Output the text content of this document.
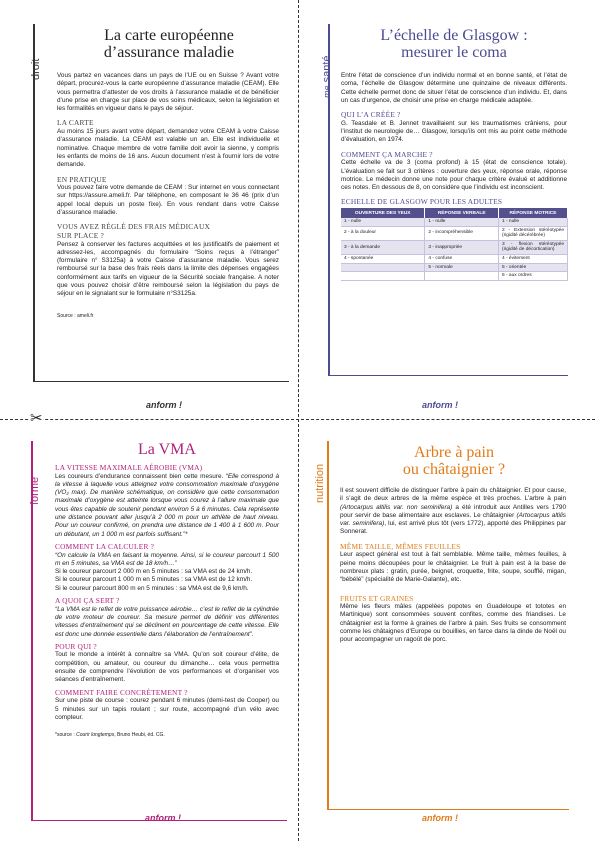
✂
droit

La carte européenne
d’assurance maladie

Vous partez en vacances dans un pays de l’UE ou en Suisse ? Avant votre départ, procurez-vous la carte européenne d’assurance maladie (CEAM). Elle vous permettra d’attester de vos droits à l’assurance maladie et de bénéficier d’une prise en charge sur place de vos soins médicaux, selon la législation et les formalités en vigueur dans le pays de séjour.

LA CARTE

Au moins 15 jours avant votre départ, demandez votre CEAM à votre Caisse d’assurance maladie. La CEAM est valable un an. Elle est individuelle et nominative. Chaque membre de votre famille doit avoir la sienne, y compris les enfants de moins de 16 ans. Aucun document n’est à fournir lors de votre demande.

EN PRATIQUE

Vous pouvez faire votre demande de CEAM : Sur internet en vous connectant sur https://assure.ameli.fr. Par téléphone, en composant le 36 46 (prix d’un appel local depuis un poste fixe). En vous rendant dans votre Caisse d’assurance maladie.

VOUS AVEZ RÉGLÉ DES FRAIS MÉDICAUX
SUR PLACE ?

Pensez à conserver les factures acquittées et les justificatifs de paiement et adressez-les, accompagnés du formulaire “Soins reçus à l’étranger” (formulaire n° S3125a) à votre Caisse d’assurance maladie. Vous serez remboursé sur la base des frais réels dans la limite des dépenses engagées conformément aux tarifs en vigueur de la Sécurité sociale française. A noter que vous pouvez choisir d’être remboursé selon la législation du pays de séjour en le signalant sur le formulaire n°S3125a.

Source : ameli.fr

anform !
me santé

L’échelle de Glasgow :
mesurer le coma

Entre l’état de conscience d’un individu normal et en bonne santé, et l’état de coma, l’échelle de Glasgow détermine une quinzaine de niveaux différents. Cette échelle permet donc de situer l’état de conscience d’un individu. Et, dans un cas d’urgence, de choisir une prise en charge médicale adaptée.

QUI L’A CRÉÉE ?

G. Teasdale et B. Jennet travaillaient sur les traumatismes crâniens, pour l’institut de neurologie de… Glasgow, lorsqu’ils ont mis au point cette méthode d’évaluation, en 1974.

COMMENT ÇA MARCHE ?

Cette échelle va de 3 (coma profond) à 15 (état de conscience totale). L’évaluation se fait sur 3 critères : ouverture des yeux, réponse orale, réponse motrice. Le médecin donne une note pour chaque critère évalué et additionne ces notes. En dessous de 8, on considère que l’individu est inconscient.

ECHELLE DE GLASGOW POUR LES ADULTES

OUVERTURE DES YEUX	RÉPONSE VERBALE	RÉPONSE MOTRICE
1 - nulle	1 - nulle	1 - nulle
2 - à la douleur	2 - incompréhensible	2 - Extension stéréotypée (rigidité décérébrée)
3 - à la demande	3 - inappropriée	3 - flexion stéréotypée (rigidité de décortication)
4 - spontanée	4 - confuse	4 - évitement
	5 - normale	5 - orientée
		6 - aux ordres
anform !
forme

La VMA

LA VITESSE MAXIMALE AÉROBIE (VMA)

Les coureurs d’endurance connaissent bien cette mesure. “Elle correspond à la vitesse à laquelle vous atteignez votre consommation maximale d’oxygène (VO₂ max). De manière schématique, on considère que cette consommation maximale d’oxygène est atteinte lorsque vous courez à l’allure maximale que vous êtes capable de soutenir pendant environ 5 à 6 minutes. Cela représente une distance pouvant aller jusqu’à 2 000 m pour un athlète de haut niveau. Pour un coureur confirmé, on prendra une distance de 1 400 à 1 600 m. Pour un débutant, un 1 000 m est parfois suffisant.”*

COMMENT LA CALCULER ?

“On calcule la VMA en faisant la moyenne. Ainsi, si le coureur parcourt 1 500 m en 5 minutes, sa VMA est de 18 km/h…”
Si le coureur parcourt 2 000 m en 5 minutes : sa VMA est de 24 km/h.
Si le coureur parcourt 1 000 m en 5 minutes : sa VMA est de 12 km/h.
Si le coureur parcourt 800 m en 5 minutes : sa VMA est de 9,6 km/h.

A QUOI ÇA SERT ?

“La VMA est le reflet de votre puissance aérobie… c’est le reflet de la cylindrée de votre moteur de coureur. Sa mesure permet de définir vos différentes vitesses d’entraînement qui se déclinent en pourcentage de cette vitesse. Elle est donc une donnée essentielle dans l’élaboration de l’entraînement”.

POUR QUI ?

Tout le monde a intérêt à connaître sa VMA. Qu’on soit coureur d’élite, de compétition, ou amateur, ou coureur du dimanche… cela vous permettra ensuite de comprendre l’évolution de vos performances et d’organiser vos séances d’entraînement.

COMMENT FAIRE CONCRÈTEMENT ?

Sur une piste de course : courez pendant 6 minutes (demi-test de Cooper) ou 5 minutes sur un tapis roulant ; sur route, accompagné d’un vélo avec compteur.

*source : Courir longtemps, Bruno Heubi, éd. CG.

anform !
nutrition

Arbre à pain
ou châtaignier ?

Il est souvent difficile de distinguer l’arbre à pain du châtaignier. Et pour cause, il s’agit de deux arbres de la même espèce et très proches. L’arbre à pain (Artocarpus altilis var. non seminifera) a été introduit aux Antilles vers 1790 pour servir de base alimentaire aux esclaves. Le châtaignier (Artocarpus altilis var. seminifera), lui, est arrivé plus tôt (vers 1772), apporté des Philippines par Sonnerat.

MÊME TAILLE, MÊMES FEUILLES

Leur aspect général est tout à fait semblable. Même taille, mêmes feuilles, à peine moins découpées pour le châtaignier. Le fruit à pain est à la base de nombreux plats : gratin, purée, beignet, croquette, frite, soupe, soufflé, migan, “bébélé” (spécialité de Marie-Galante), etc.

FRUITS ET GRAINES

Même les fleurs mâles (appelées popotes en Guadeloupe et tototes en Martinique) sont consommées souvent confites, comme des friandises. Le châtaignier est la forme à graines de l’arbre à pain. Ses fruits se consomment comme les châtaignes d’Europe ou bouillies, en farce dans la dinde de Noël ou pour accompagner un ragoût de porc.

anform !
